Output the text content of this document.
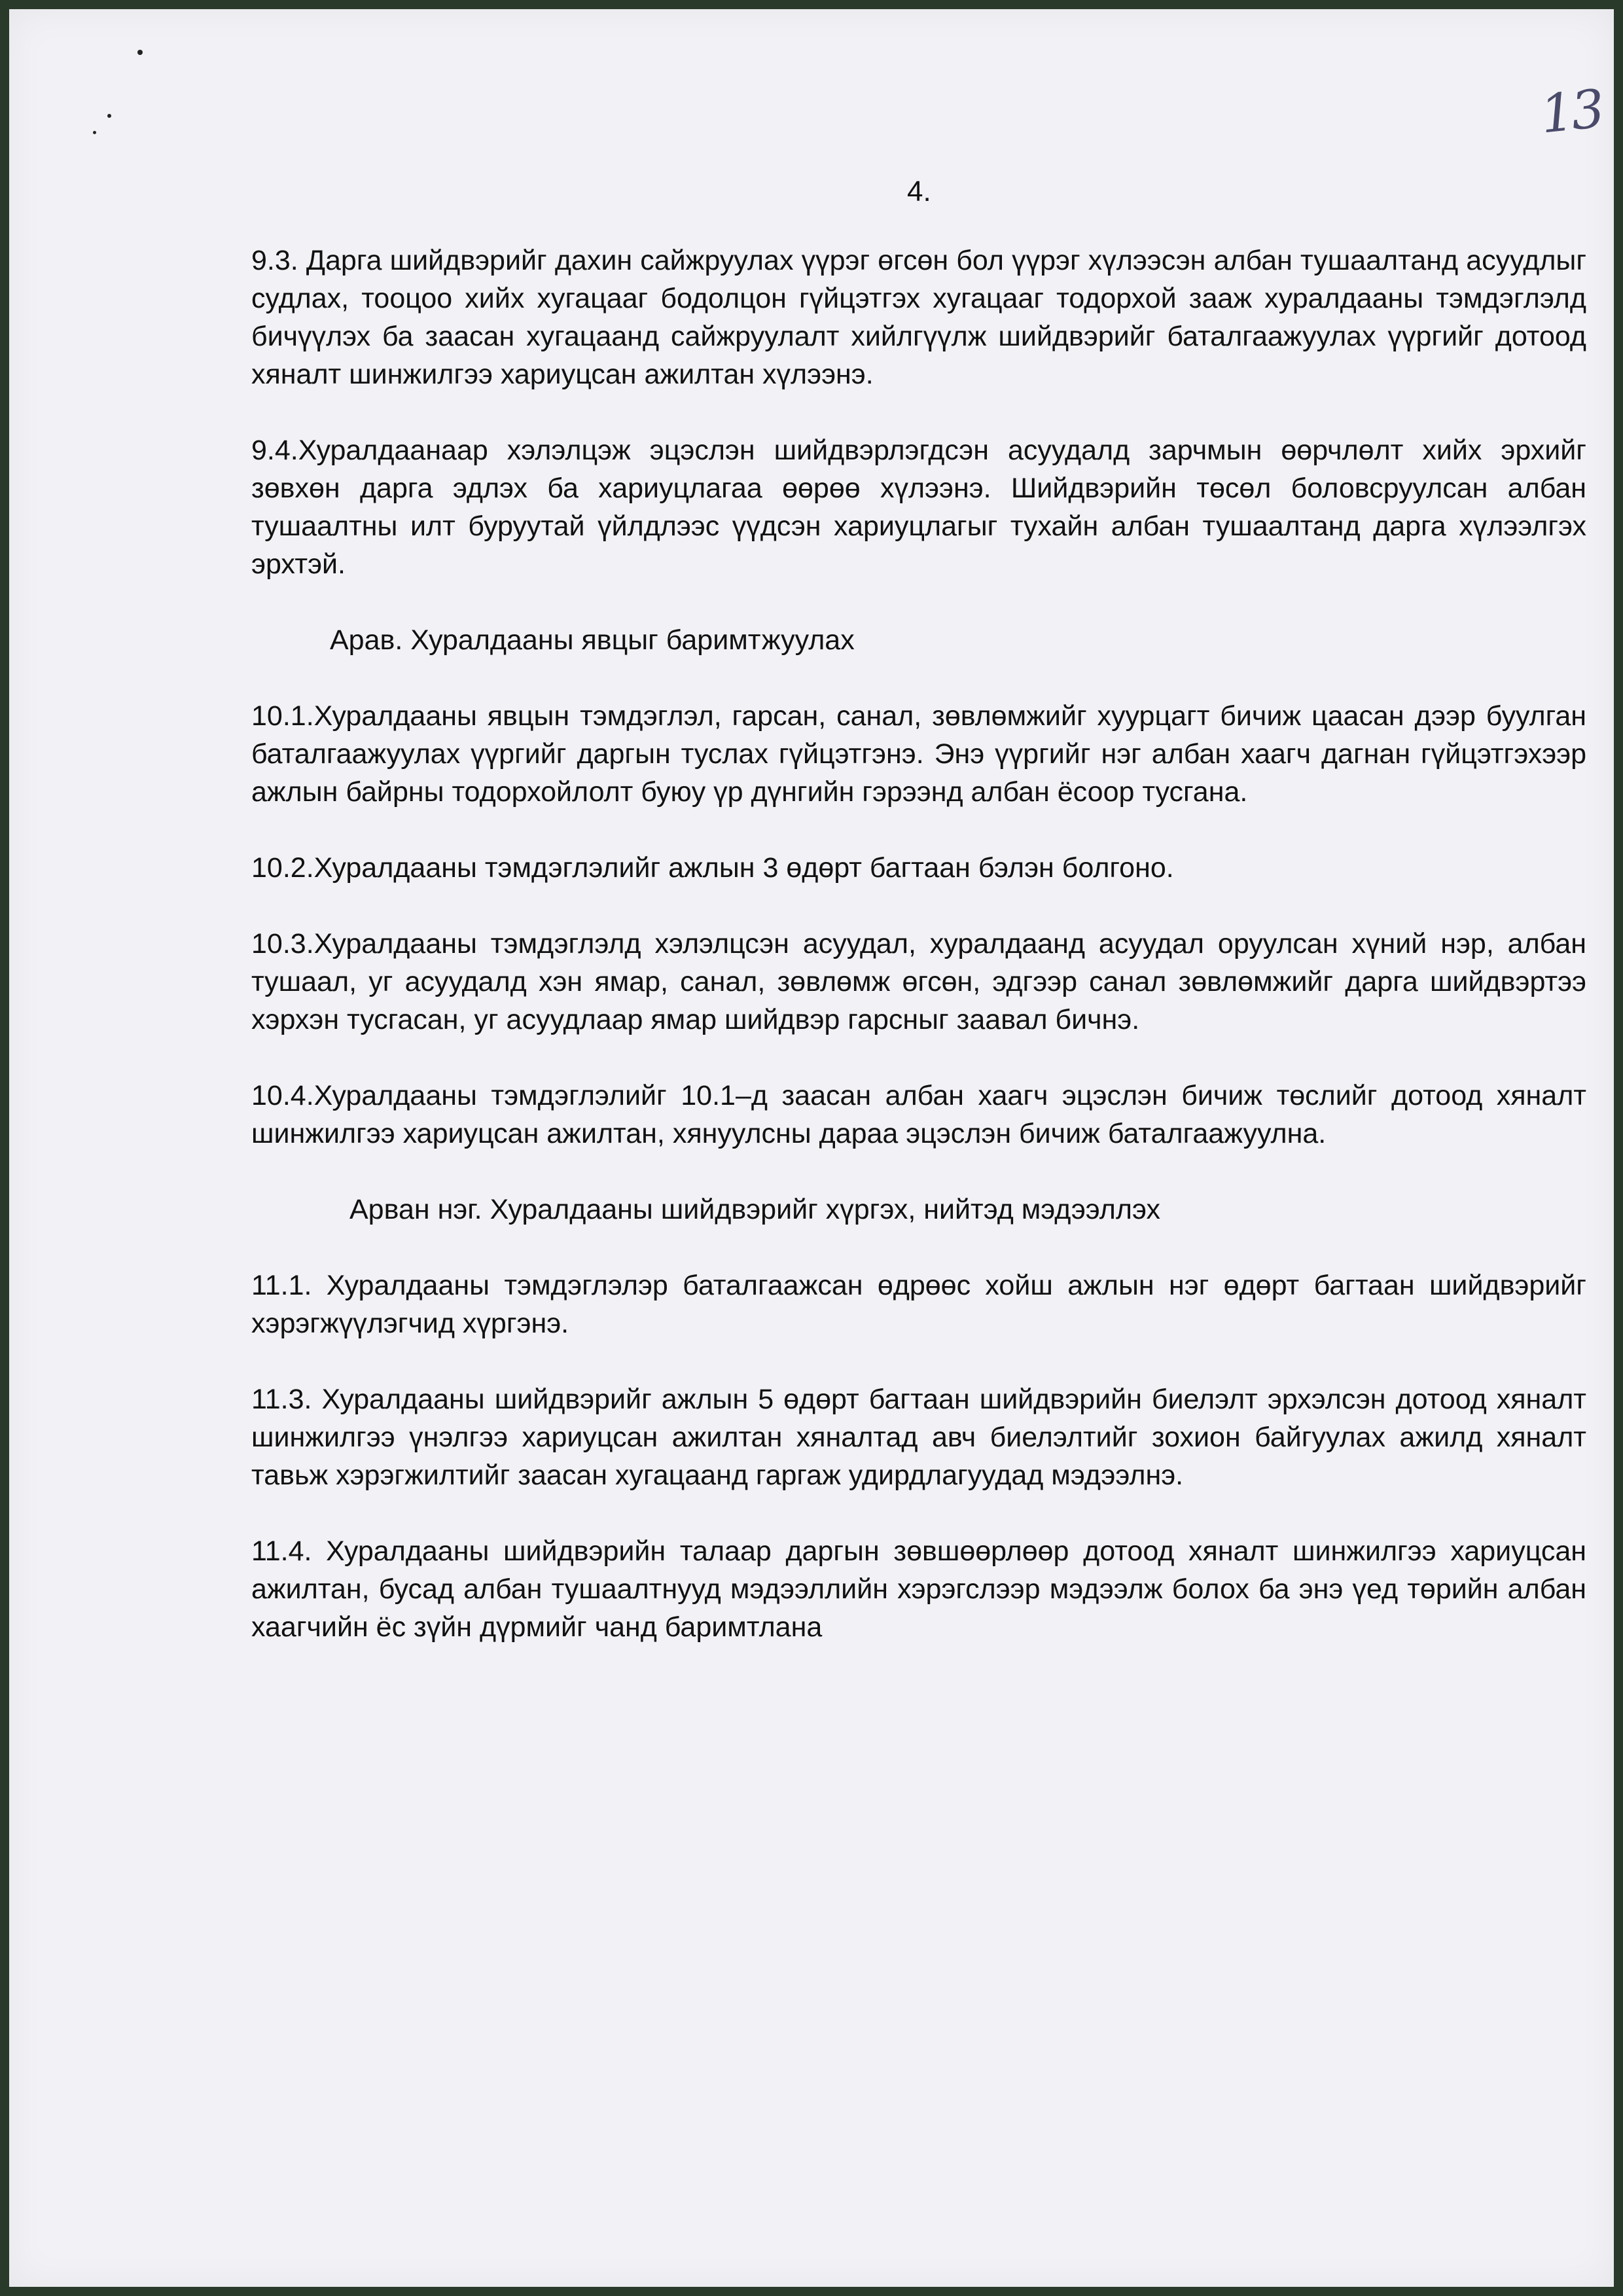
13
4.

9.3. Дарга шийдвэрийг дахин сайжруулах үүрэг өгсөн бол үүрэг хүлээсэн албан тушаалтанд асуудлыг судлах, тооцоо хийх хугацааг бодолцон гүйцэтгэх хугацааг тодорхой зааж хуралдааны тэмдэглэлд бичүүлэх ба заасан хугацаанд сайжруулалт хийлгүүлж шийдвэрийг баталгаажуулах үүргийг дотоод хяналт шинжилгээ хариуцсан ажилтан хүлээнэ.

9.4.Хуралдаанаар хэлэлцэж эцэслэн шийдвэрлэгдсэн асуудалд зарчмын өөрчлөлт хийх эрхийг зөвхөн дарга эдлэх ба хариуцлагаа өөрөө хүлээнэ. Шийдвэрийн төсөл боловсруулсан албан тушаалтны илт буруутай үйлдлээс үүдсэн хариуцлагыг тухайн албан тушаалтанд дарга хүлээлгэх эрхтэй.

Арав. Хуралдааны явцыг баримтжуулах

10.1.Хуралдааны явцын тэмдэглэл, гарсан, санал, зөвлөмжийг хуурцагт бичиж цаасан дээр буулган баталгаажуулах үүргийг даргын туслах гүйцэтгэнэ. Энэ үүргийг нэг албан хаагч дагнан гүйцэтгэхээр ажлын байрны тодорхойлолт буюу үр дүнгийн гэрээнд албан ёсоор тусгана.

10.2.Хуралдааны тэмдэглэлийг ажлын 3 өдөрт багтаан бэлэн болгоно.

10.3.Хуралдааны тэмдэглэлд хэлэлцсэн асуудал, хуралдаанд асуудал оруулсан хүний нэр, албан тушаал, уг асуудалд хэн ямар, санал, зөвлөмж өгсөн, эдгээр санал зөвлөмжийг дарга шийдвэртээ хэрхэн тусгасан, уг асуудлаар ямар шийдвэр гарсныг заавал бичнэ.

10.4.Хуралдааны тэмдэглэлийг 10.1–д заасан албан хаагч эцэслэн бичиж төслийг дотоод хяналт шинжилгээ хариуцсан ажилтан, хянуулсны дараа эцэслэн бичиж баталгаажуулна.

Арван нэг. Хуралдааны шийдвэрийг хүргэх, нийтэд мэдээллэх

11.1. Хуралдааны тэмдэглэлэр баталгаажсан өдрөөс хойш ажлын нэг өдөрт багтаан шийдвэрийг хэрэгжүүлэгчид хүргэнэ.

11.3. Хуралдааны шийдвэрийг ажлын 5 өдөрт багтаан шийдвэрийн биелэлт эрхэлсэн дотоод хяналт шинжилгээ үнэлгээ хариуцсан ажилтан хяналтад авч биелэлтийг зохион байгуулах ажилд хяналт тавьж хэрэгжилтийг заасан хугацаанд гаргаж удирдлагуудад мэдээлнэ.

11.4. Хуралдааны шийдвэрийн талаар даргын зөвшөөрлөөр дотоод хяналт шинжилгээ хариуцсан ажилтан, бусад албан тушаалтнууд мэдээллийн хэрэгслээр мэдээлж болох ба энэ үед төрийн албан хаагчийн ёс зүйн дүрмийг чанд баримтлана
